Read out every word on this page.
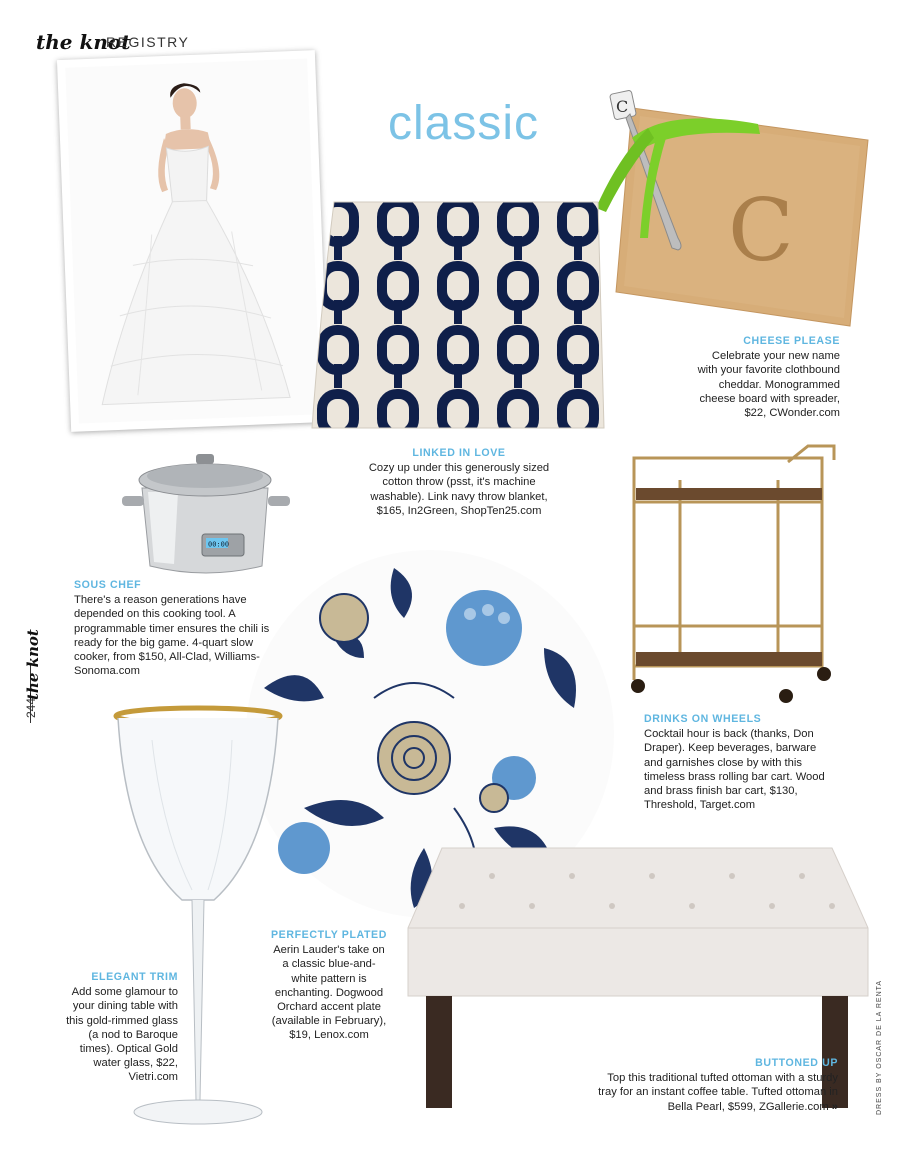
the knot
REGISTRY
classic
C
C
CHEESE PLEASE
Celebrate your new name with your favorite clothbound cheddar. Monogrammed cheese board with spreader, $22, CWonder.com
LINKED IN LOVE
Cozy up under this generously sized cotton throw (psst, it's machine washable). Link navy throw blanket, $165, In2Green, ShopTen25.com
00:00
SOUS CHEF
There's a reason generations have depended on this cooking tool. A programmable timer ensures the chili is ready for the big game. 4-quart slow cooker, from $150, All-Clad, Williams-Sonoma.com
DRINKS ON WHEELS
Cocktail hour is back (thanks, Don Draper). Keep beverages, barware and garnishes close by with this timeless brass rolling bar cart. Wood and brass finish bar cart, $130, Threshold, Target.com
PERFECTLY PLATED
Aerin Lauder's take on a classic blue-and-white pattern is enchanting. Dogwood Orchard accent plate (available in February), $19, Lenox.com
BUTTONED UP
Top this traditional tufted ottoman with a sturdy tray for an instant coffee table. Tufted ottoman in Bella Pearl, $599, ZGallerie.com »
ELEGANT TRIM
Add some glamour to your dining table with this gold-rimmed glass (a nod to Baroque times). Optical Gold water glass, $22, Vietri.com
the knot
244
DRESS BY OSCAR DE LA RENTA
